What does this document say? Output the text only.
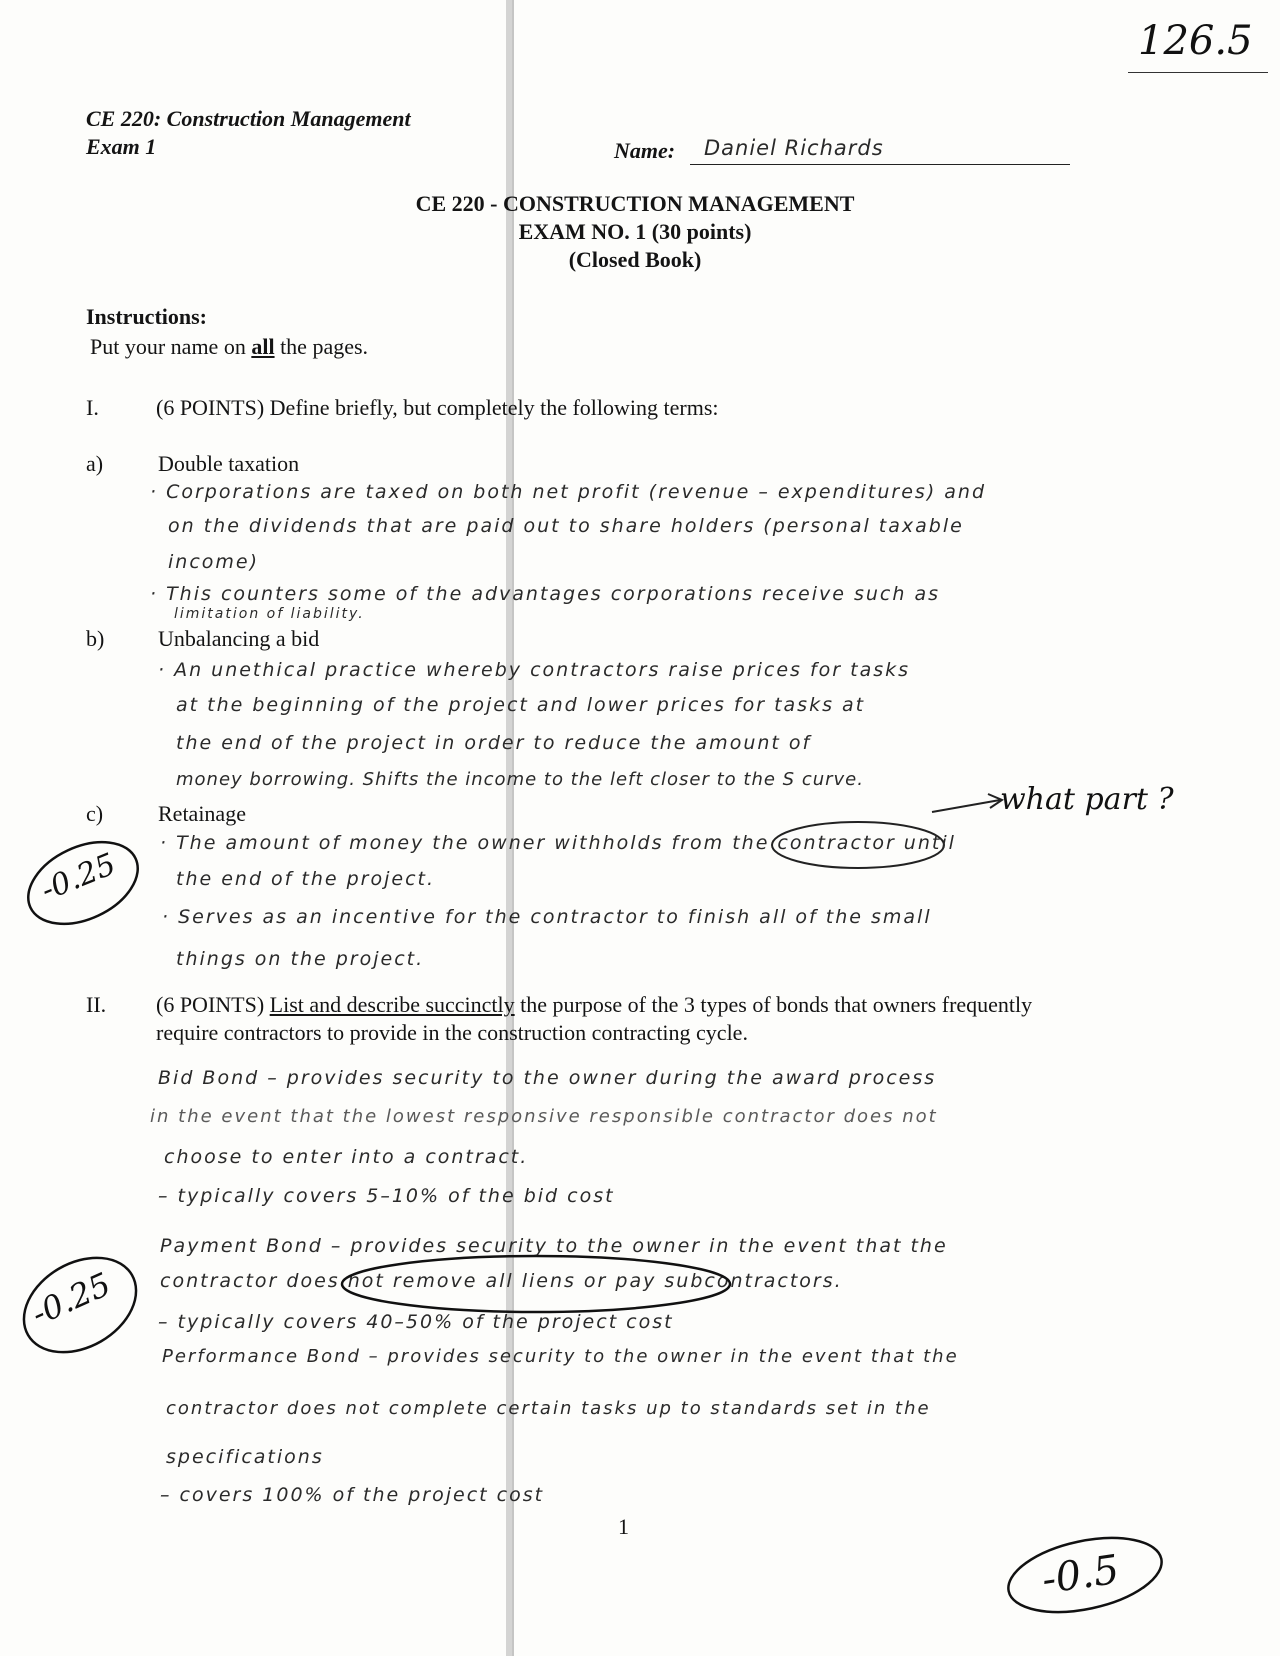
126.5
CE 220: Construction Management
Exam 1	Name: Daniel Richards
CE 220 - CONSTRUCTION MANAGEMENT
EXAM NO. 1 (30 points)
(Closed Book)
Instructions:
Put your name on all the pages.
I.	(6 POINTS) Define briefly, but completely the following terms:
a) Double taxation
· Corporations are taxed on both net profit (revenue – expenditures) and
on the dividends that are paid out to share holders (personal taxable
income)
· This counters some of the advantages corporations receive such as
limitation of liability.
b) Unbalancing a bid
· An unethical practice whereby contractors raise prices for tasks
at the beginning of the project and lower prices for tasks at
the end of the project in order to reduce the amount of
money borrowing. Shifts the income to the left closer to the S curve.
what part ?
c) Retainage
· The amount of money the owner withholds from the contractor until
the end of the project.
· Serves as an incentive for the contractor to finish all of the small
things on the project.
-0.25
II. (6 POINTS) List and describe succinctly the purpose of the 3 types of bonds that owners frequently
require contractors to provide in the construction contracting cycle.
Bid Bond – provides security to the owner during the award process
in the event that the lowest responsive responsible contractor does not
choose to enter into a contract.
– typically covers 5–10% of the bid cost
Payment Bond – provides security to the owner in the event that the
contractor does not remove all liens or pay subcontractors.
– typically covers 40–50% of the project cost
Performance Bond – provides security to the owner in the event that the
contractor does not complete certain tasks up to standards set in the
specifications
– covers 100% of the project cost
-0.25
1
-0.5
